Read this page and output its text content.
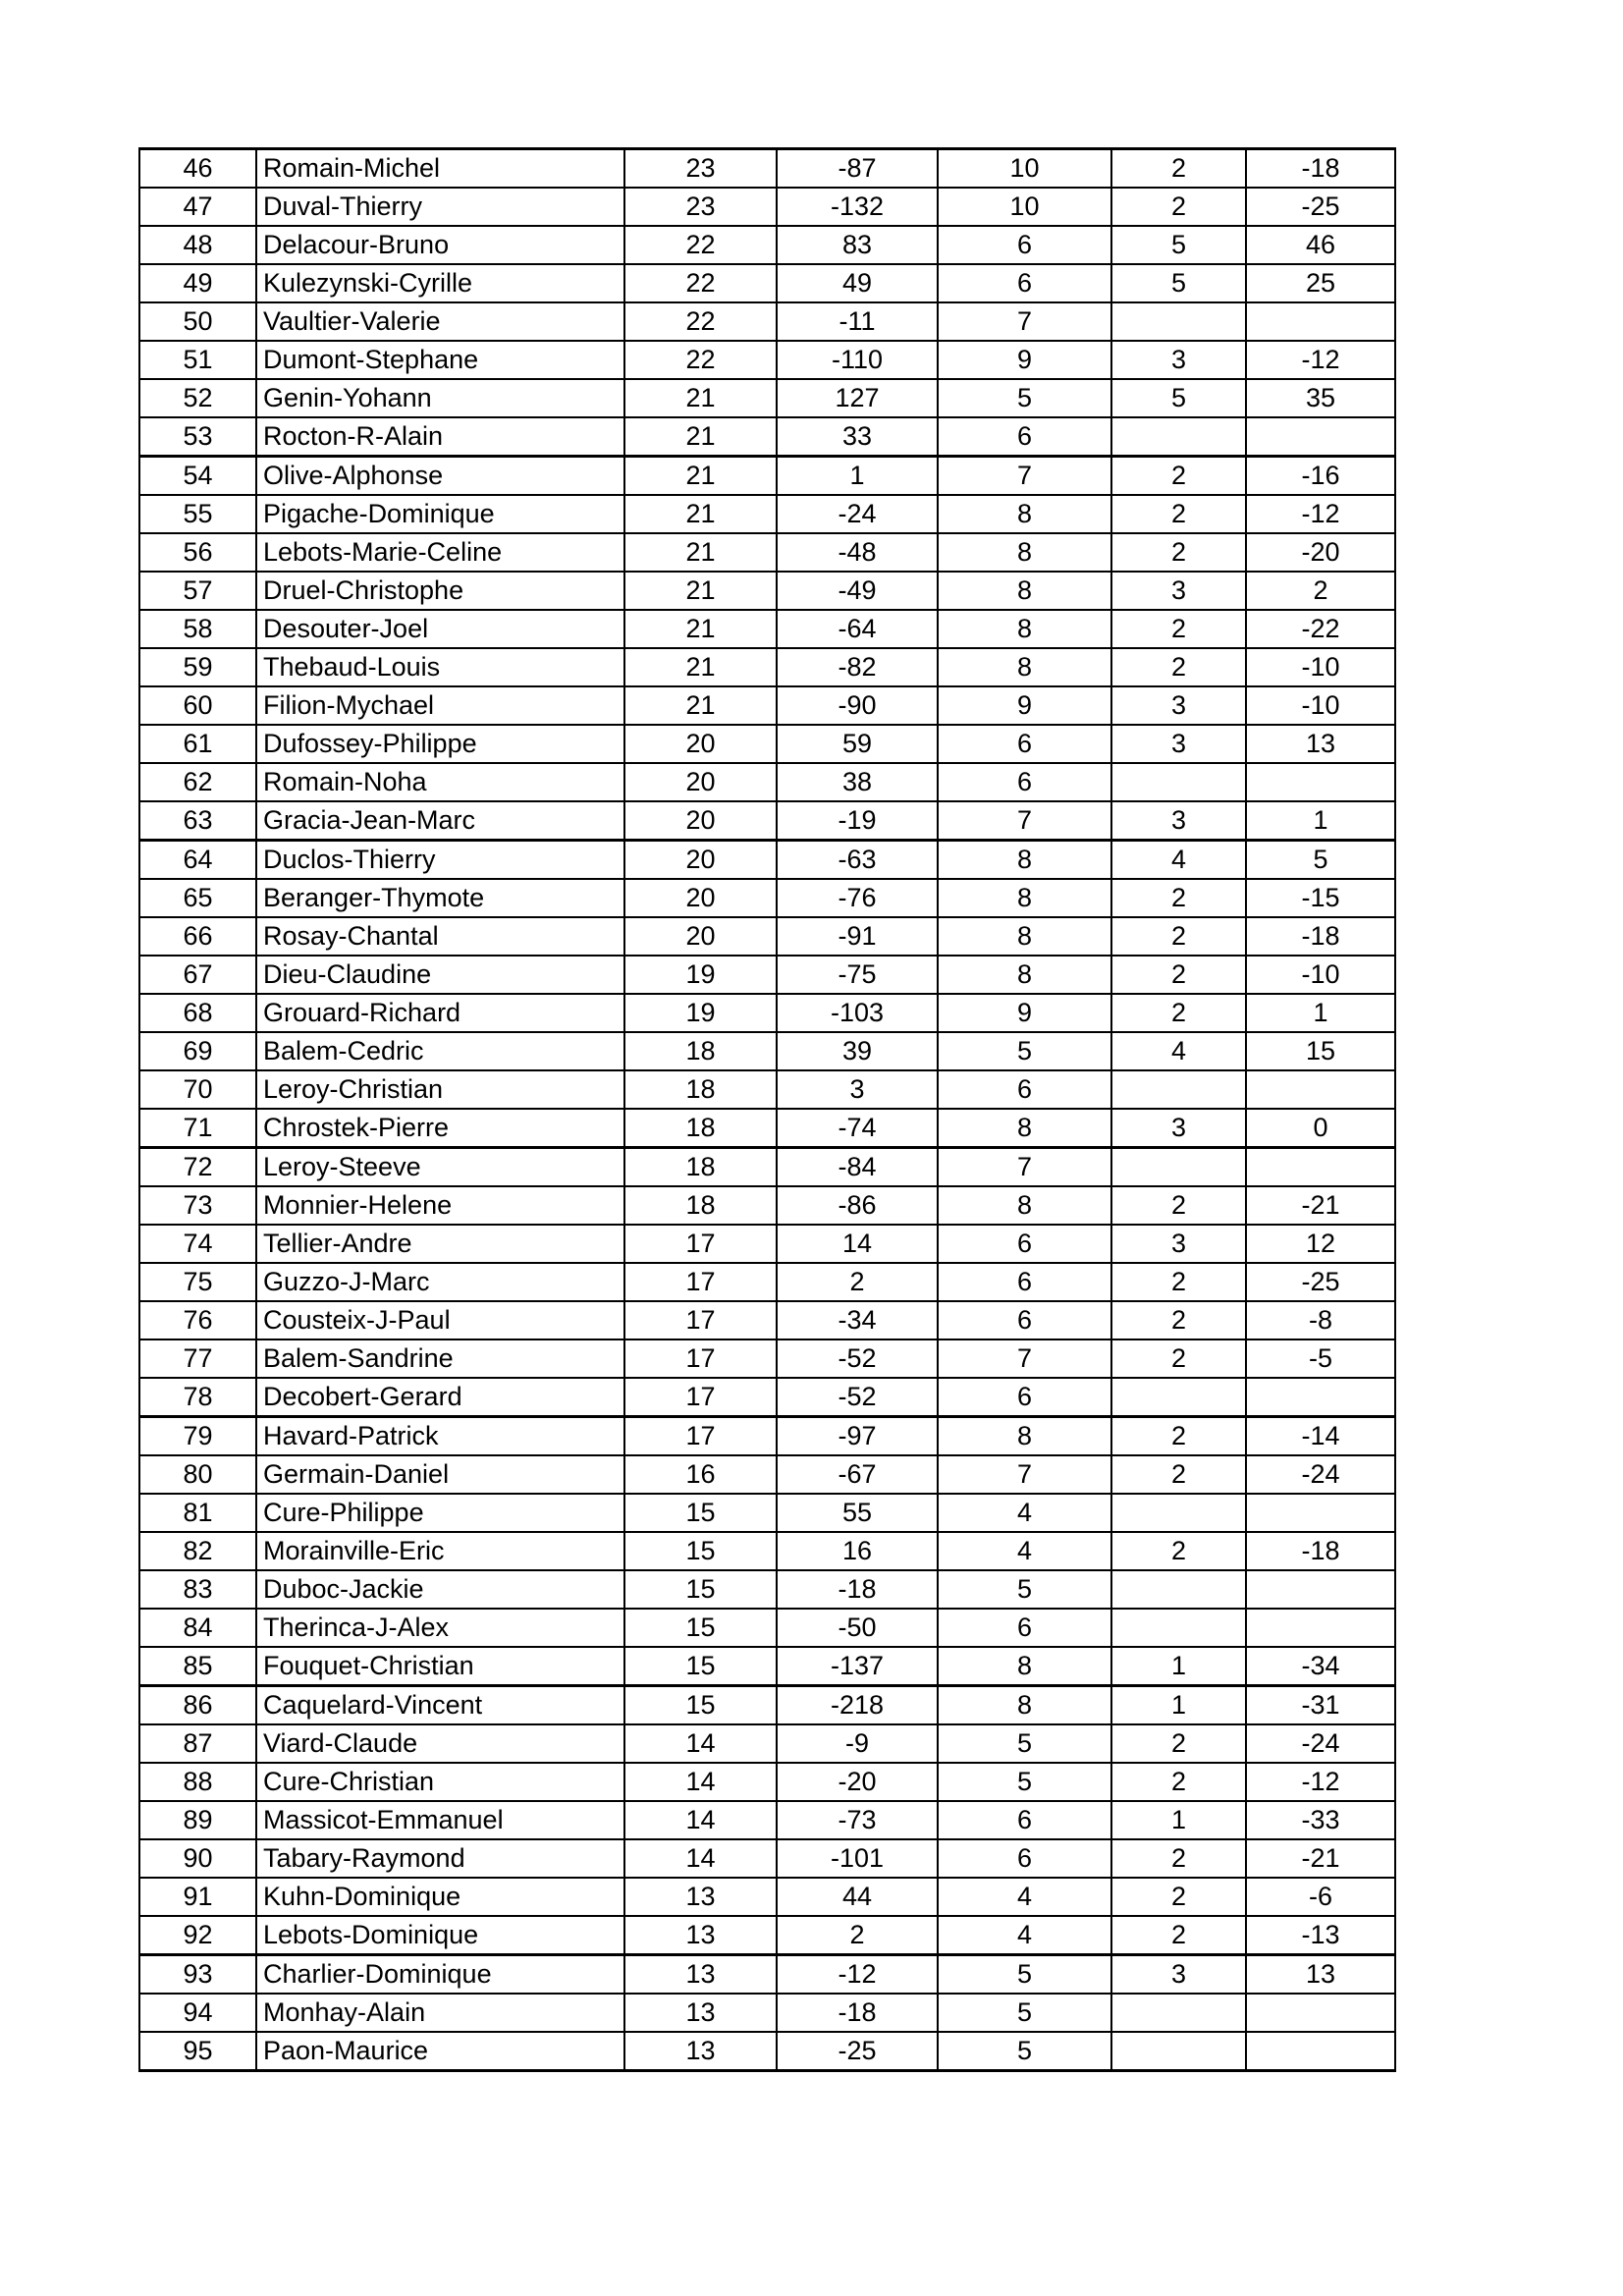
46	Romain-Michel	23	-87	10	2	-18
47	Duval-Thierry	23	-132	10	2	-25
48	Delacour-Bruno	22	83	6	5	46
49	Kulezynski-Cyrille	22	49	6	5	25
50	Vaultier-Valerie	22	-11	7		
51	Dumont-Stephane	22	-110	9	3	-12
52	Genin-Yohann	21	127	5	5	35
53	Rocton-R-Alain	21	33	6		
54	Olive-Alphonse	21	1	7	2	-16
55	Pigache-Dominique	21	-24	8	2	-12
56	Lebots-Marie-Celine	21	-48	8	2	-20
57	Druel-Christophe	21	-49	8	3	2
58	Desouter-Joel	21	-64	8	2	-22
59	Thebaud-Louis	21	-82	8	2	-10
60	Filion-Mychael	21	-90	9	3	-10
61	Dufossey-Philippe	20	59	6	3	13
62	Romain-Noha	20	38	6		
63	Gracia-Jean-Marc	20	-19	7	3	1
64	Duclos-Thierry	20	-63	8	4	5
65	Beranger-Thymote	20	-76	8	2	-15
66	Rosay-Chantal	20	-91	8	2	-18
67	Dieu-Claudine	19	-75	8	2	-10
68	Grouard-Richard	19	-103	9	2	1
69	Balem-Cedric	18	39	5	4	15
70	Leroy-Christian	18	3	6		
71	Chrostek-Pierre	18	-74	8	3	0
72	Leroy-Steeve	18	-84	7		
73	Monnier-Helene	18	-86	8	2	-21
74	Tellier-Andre	17	14	6	3	12
75	Guzzo-J-Marc	17	2	6	2	-25
76	Cousteix-J-Paul	17	-34	6	2	-8
77	Balem-Sandrine	17	-52	7	2	-5
78	Decobert-Gerard	17	-52	6		
79	Havard-Patrick	17	-97	8	2	-14
80	Germain-Daniel	16	-67	7	2	-24
81	Cure-Philippe	15	55	4		
82	Morainville-Eric	15	16	4	2	-18
83	Duboc-Jackie	15	-18	5		
84	Therinca-J-Alex	15	-50	6		
85	Fouquet-Christian	15	-137	8	1	-34
86	Caquelard-Vincent	15	-218	8	1	-31
87	Viard-Claude	14	-9	5	2	-24
88	Cure-Christian	14	-20	5	2	-12
89	Massicot-Emmanuel	14	-73	6	1	-33
90	Tabary-Raymond	14	-101	6	2	-21
91	Kuhn-Dominique	13	44	4	2	-6
92	Lebots-Dominique	13	2	4	2	-13
93	Charlier-Dominique	13	-12	5	3	13
94	Monhay-Alain	13	-18	5		
95	Paon-Maurice	13	-25	5		
